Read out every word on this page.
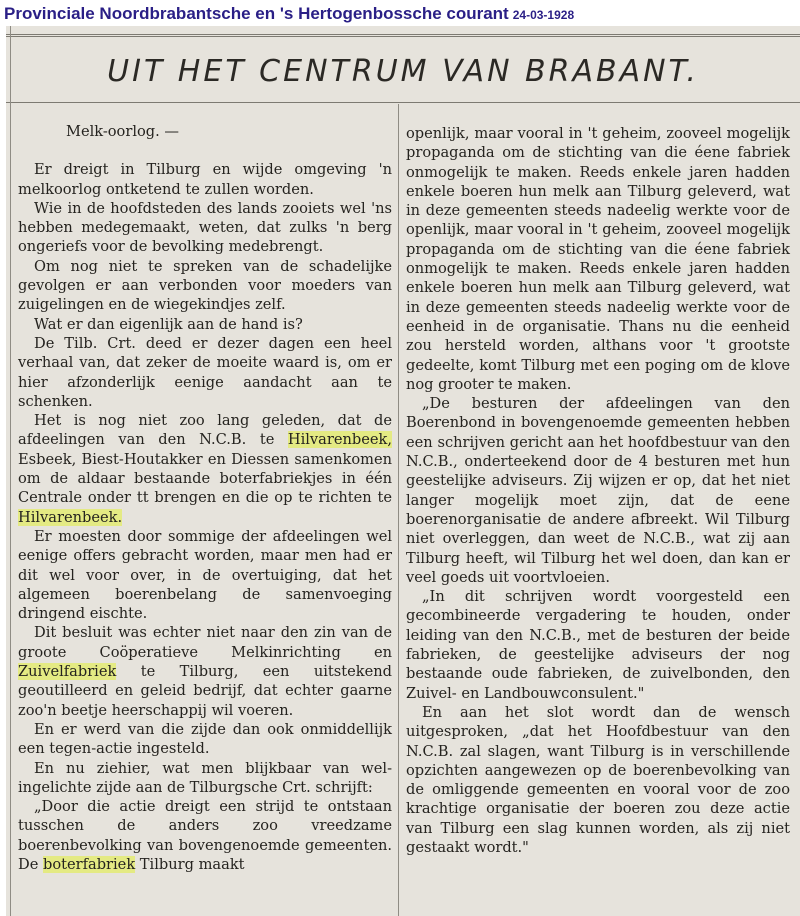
Provinciale Noordbrabantsche en 's Hertogenbossche courant 24-03-1928
UIT HET CENTRUM VAN BRABANT.

Melk-oorlog. —

Er dreigt in Tilburg en wijde omgeving 'n melkoorlog ontketend te zullen worden.

Wie in de hoofdsteden des lands zooiets wel 'ns hebben medegemaakt, weten, dat zulks 'n berg ongeriefs voor de bevolking medebrengt.

Om nog niet te spreken van de schadelijke gevolgen er aan verbonden voor moeders van zuigelingen en de wiegekindjes zelf.

Wat er dan eigenlijk aan de hand is?

De Tilb. Crt. deed er dezer dagen een heel verhaal van, dat zeker de moeite waard is, om er hier afzonderlijk eenige aandacht aan te schenken.

Het is nog niet zoo lang geleden, dat de afdeelingen van den N.C.B. te Hilvarenbeek, Esbeek, Biest-Houtakker en Diessen samenkomen om de aldaar bestaande boterfabriekjes in één Centrale onder tt brengen en die op te richten te Hilvarenbeek.

Er moesten door sommige der afdeelingen wel eenige offers gebracht worden, maar men had er dit wel voor over, in de overtuiging, dat het algemeen boerenbelang de samenvoeging dringend eischte.

Dit besluit was echter niet naar den zin van de groote Coöperatieve Melkinrichting en Zuivelfabriek te Tilburg, een uitstekend geoutilleerd en geleid bedrijf, dat echter gaarne zoo'n beetje heerschappij wil voeren.

En er werd van die zijde dan ook onmiddellijk een tegen-actie ingesteld.

En nu ziehier, wat men blijkbaar van wel-ingelichte zijde aan de Tilburgsche Crt. schrijft:

„Door die actie dreigt een strijd te ontstaan tusschen de anders zoo vreedzame boerenbevolking van bovengenoemde gemeenten. De boterfabriek Tilburg maakt

openlijk, maar vooral in 't geheim, zooveel mogelijk propaganda om de stichting van die éene fabriek onmogelijk te maken. Reeds enkele jaren hadden enkele boeren hun melk aan Tilburg geleverd, wat in deze gemeenten steeds nadeelig werkte voor de openlijk, maar vooral in 't geheim, zooveel mogelijk propaganda om de stichting van die éene fabriek onmogelijk te maken. Reeds enkele jaren hadden enkele boeren hun melk aan Tilburg geleverd, wat in deze gemeenten steeds nadeelig werkte voor de eenheid in de organisatie. Thans nu die eenheid zou hersteld worden, althans voor 't grootste gedeelte, komt Tilburg met een poging om de klove nog grooter te maken.

„De besturen der afdeelingen van den Boerenbond in bovengenoemde gemeenten hebben een schrijven gericht aan het hoofdbestuur van den N.C.B., onderteekend door de 4 besturen met hun geestelijke adviseurs. Zij wijzen er op, dat het niet langer mogelijk moet zijn, dat de eene boerenorganisatie de andere afbreekt. Wil Tilburg niet overleggen, dan weet de N.C.B., wat zij aan Tilburg heeft, wil Tilburg het wel doen, dan kan er veel goeds uit voortvloeien.

„In dit schrijven wordt voorgesteld een gecombineerde vergadering te houden, onder leiding van den N.C.B., met de besturen der beide fabrieken, de geestelijke adviseurs der nog bestaande oude fabrieken, de zuivelbonden, den Zuivel- en Landbouwconsulent."

En aan het slot wordt dan de wensch uitgesproken, „dat het Hoofdbestuur van den N.C.B. zal slagen, want Tilburg is in verschillende opzichten aangewezen op de boerenbevolking van de omliggende gemeenten en vooral voor de zoo krachtige organisatie der boeren zou deze actie van Tilburg een slag kunnen worden, als zij niet gestaakt wordt."
